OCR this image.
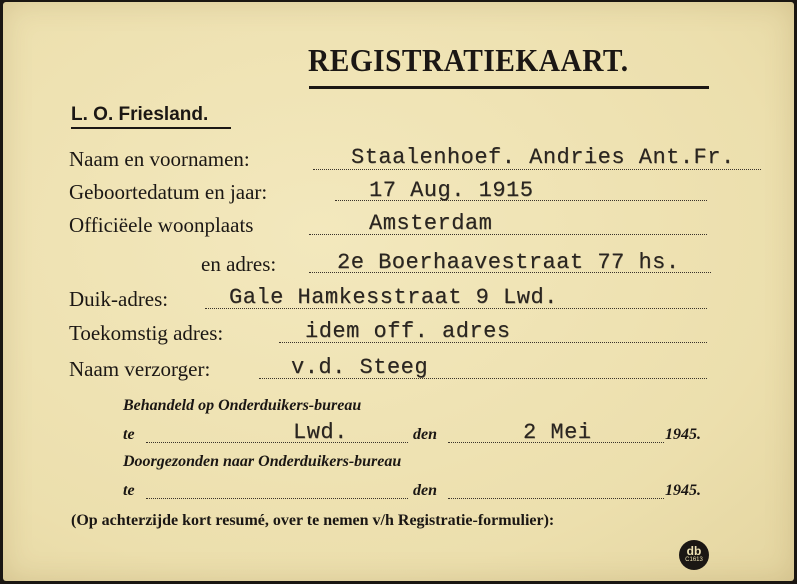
REGISTRATIEKAART.
L. O. Friesland.
Naam en voornamen:	Staalenhoef. Andries Ant.Fr.
Geboortedatum en jaar:	17 Aug. 1915
Officiëele woonplaats	Amsterdam
en adres:	2e Boerhaavestraat 77 hs.
Duik-adres:	Gale Hamkesstraat 9 Lwd.
Toekomstig adres:	idem off. adres
Naam verzorger:	v.d. Steeg
Behandeld op Onderduikers-bureau
te	Lwd.	den	2 Mei	1945.
Doorgezonden naar Onderduikers-bureau
te	den	1945.
(Op achterzijde kort resumé, over te nemen v/h Registratie-formulier):
db
C1613
